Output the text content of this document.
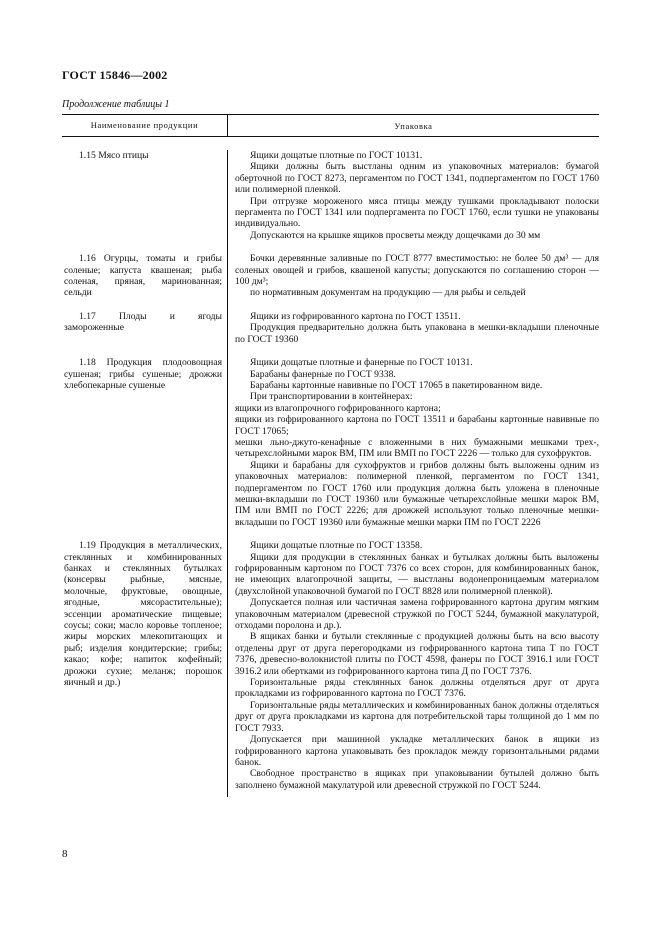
ГОСТ 15846—2002
Продолжение таблицы 1
Наименование продукции	Упаковка
1.15 Мясо птицы	Ящики дощатые плотные по ГОСТ 10131.

Ящики должны быть выстланы одним из упаковочных материалов: бумагой оберточной по ГОСТ 8273, пергаментом по ГОСТ 1341, подпергаментом по ГОСТ 1760 или полимерной пленкой.

При отгрузке мороженого мяса птицы между тушками прокладывают полоски пергамента по ГОСТ 1341 или подпергамента по ГОСТ 1760, если тушки не упакованы индивидуально.

Допускаются на крышке ящиков просветы между дощечками до 30 мм

1.16 Огурцы, томаты и грибы соленые; капуста квашеная; рыба соленая, пряная, маринованная; сельди

Бочки деревянные заливные по ГОСТ 8777 вместимостью: не более 50 дм³ — для соленых овощей и грибов, квашеной капусты; допускаются по соглашению сторон — 100 дм³;

по нормативным документам на продукцию — для рыбы и сельдей

1.17 Плоды и ягоды замороженные

Ящики из гофрированного картона по ГОСТ 13511.

Продукция предварительно должна быть упакована в мешки-вкладыши пленочные по ГОСТ 19360

1.18 Продукция плодоовощная сушеная; грибы сушеные; дрожжи хлебопекарные сушеные

Ящики дощатые плотные и фанерные по ГОСТ 10131.

Барабаны фанерные по ГОСТ 9338.

Барабаны картонные навивные по ГОСТ 17065 в пакетированном виде.

При транспортировании в контейнерах:

ящики из влагопрочного гофрированного картона;

ящики из гофрированного картона по ГОСТ 13511 и барабаны картонные навивные по ГОСТ 17065;

мешки льно-джуто-кенафные с вложенными в них бумажными мешками трех-, четырехслойными марок ВМ, ПМ или ВМП по ГОСТ 2226 — только для сухофруктов.

Ящики и барабаны для сухофруктов и грибов должны быть выложены одним из упаковочных материалов: полимерной пленкой, пергаментом по ГОСТ 1341, подпергаментом по ГОСТ 1760 или продукция должна быть уложена в пленочные мешки-вкладыши по ГОСТ 19360 или бумажные четырехслойные мешки марок ВМ, ПМ или ВМП по ГОСТ 2226; для дрожжей используют только пленочные мешки-вкладыши по ГОСТ 19360 или бумажные мешки марки ПМ по ГОСТ 2226

1.19 Продукция в металлических, стеклянных и комбинированных банках и стеклянных бутылках (консервы рыбные, мясные, молочные, фруктовые, овощные, ягодные, мясорастительные); эссенции ароматические пищевые; соусы; соки; масло коровье топленое; жиры морских млекопитающих и рыб; изделия кондитерские; грибы; какао; кофе; напиток кофейный; дрожжи сухие; меланж; порошок яичный и др.)

Ящики дощатые плотные по ГОСТ 13358.

Ящики для продукции в стеклянных банках и бутылках должны быть выложены гофрированным картоном по ГОСТ 7376 со всех сторон, для комбинированных банок, не имеющих влагопрочной защиты, — выстланы водонепроницаемым материалом (двухслойной упаковочной бумагой по ГОСТ 8828 или полимерной пленкой).

Допускается полная или частичная замена гофрированного картона другим мягким упаковочным материалом (древесной стружкой по ГОСТ 5244, бумажной макулатурой, отходами поролона и др.).

В ящиках банки и бутыли стеклянные с продукцией должны быть на всю высоту отделены друг от друга перегородками из гофрированного картона типа Т по ГОСТ 7376, древесно-волокнистой плиты по ГОСТ 4598, фанеры по ГОСТ 3916.1 или ГОСТ 3916.2 или обертками из гофрированного картона типа Д по ГОСТ 7376.

Горизонтальные ряды стеклянных банок должны отделяться друг от друга прокладками из гофрированного картона по ГОСТ 7376.

Горизонтальные ряды металлических и комбинированных банок должны отделяться друг от друга прокладками из картона для потребительской тары толщиной до 1 мм по ГОСТ 7933.

Допускается при машинной укладке металлических банок в ящики из гофрированного картона упаковывать без прокладок между горизонтальными рядами банок.

Свободное пространство в ящиках при упаковывании бутылей должно быть заполнено бумажной макулатурой или древесной стружкой по ГОСТ 5244.

8
